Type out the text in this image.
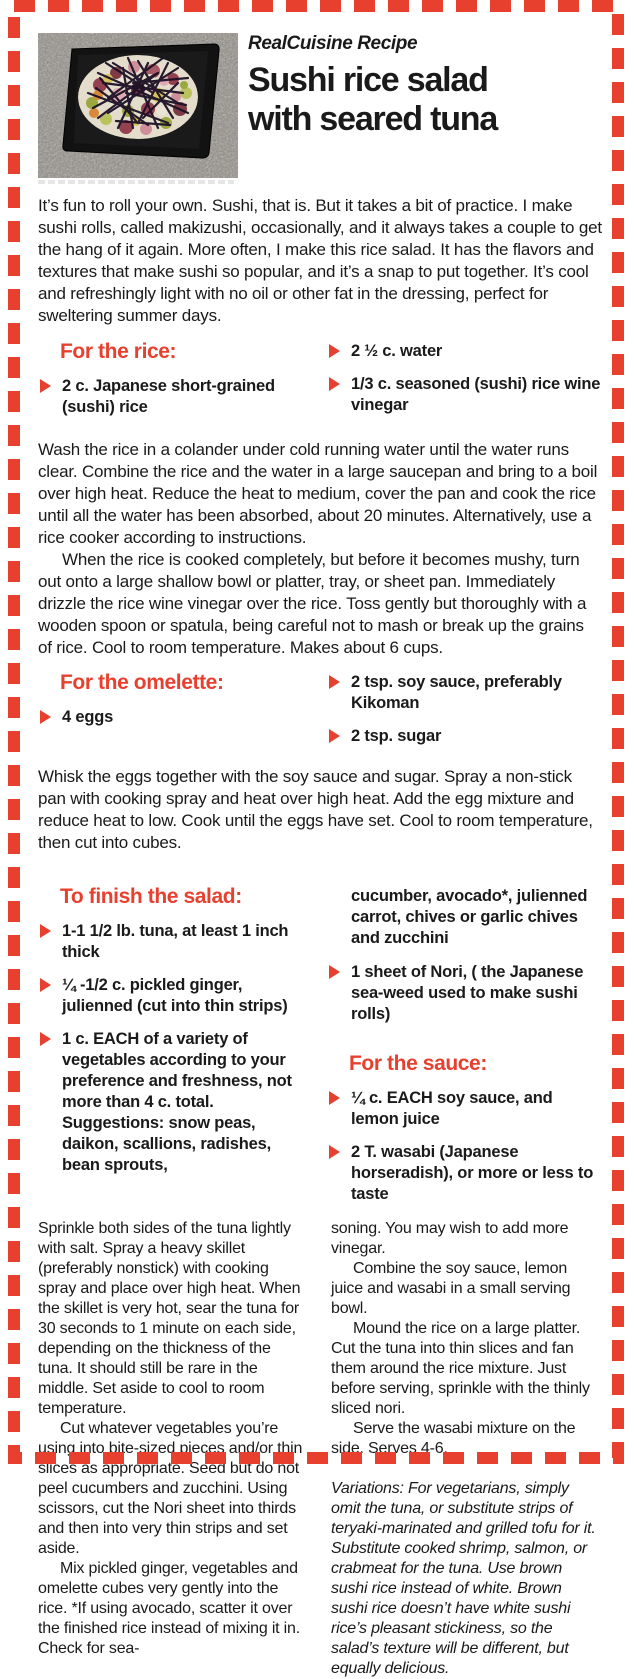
RealCuisine Recipe
Sushi rice salad
with seared tuna

It’s fun to roll your own. Sushi, that is. But it takes a bit of practice. I make sushi rolls, called makizushi, occasionally, and it always takes a couple to get the hang of it again. More often, I make this rice salad. It has the flavors and textures that make sushi so popular, and it’s a snap to put together. It’s cool and refreshingly light with no oil or other fat in the dressing, perfect for sweltering summer days.

For the rice:
2 c. Japanese short-grained (sushi) rice
2 ½ c. water
1/3 c. seasoned (sushi) rice wine vinegar

Wash the rice in a colander under cold running water until the water runs clear. Combine the rice and the water in a large saucepan and bring to a boil over high heat. Reduce the heat to medium, cover the pan and cook the rice until all the water has been absorbed, about 20 minutes. Alternatively, use a rice cooker according to instructions.

When the rice is cooked completely, but before it becomes mushy, turn out onto a large shallow bowl or platter, tray, or sheet pan. Immediately drizzle the rice wine vinegar over the rice. Toss gently but thoroughly with a wooden spoon or spatula, being careful not to mash or break up the grains of rice. Cool to room temperature. Makes about 6 cups.

For the omelette:
4 eggs
2 tsp. soy sauce, preferably Kikoman
2 tsp. sugar

Whisk the eggs together with the soy sauce and sugar. Spray a non-stick pan with cooking spray and heat over high heat. Add the egg mixture and reduce heat to low. Cook until the eggs have set. Cool to room temperature, then cut into cubes.

To finish the salad:
1-1 1/2 lb. tuna, at least 1 inch thick
¼ -1/2 c. pickled ginger, julienned (cut into thin strips)
1 c. EACH of a variety of vegetables according to your preference and freshness, not more than 4 c. total. Suggestions: snow peas, daikon, scallions, radishes, bean sprouts,

cucumber, avocado*, julienned carrot, chives or garlic chives and zucchini

1 sheet of Nori, ( the Japanese sea-weed used to make sushi rolls)
For the sauce:
¼ c. EACH soy sauce, and lemon juice
2 T. wasabi (Japanese horseradish), or more or less to taste

Sprinkle both sides of the tuna lightly with salt. Spray a heavy skillet (preferably nonstick) with cooking spray and place over high heat. When the skillet is very hot, sear the tuna for 30 seconds to 1 minute on each side, depending on the thickness of the tuna. It should still be rare in the middle. Set aside to cool to room temperature.

Cut whatever vegetables you’re using into bite-sized pieces and/or thin slices as appropriate. Seed but do not peel cucumbers and zucchini. Using scissors, cut the Nori sheet into thirds and then into very thin strips and set aside.

Mix pickled ginger, vegetables and omelette cubes very gently into the rice. *If using avocado, scatter it over the finished rice instead of mixing it in. Check for sea-

soning. You may wish to add more vinegar.

Combine the soy sauce, lemon juice and wasabi in a small serving bowl.

Mound the rice on a large platter. Cut the tuna into thin slices and fan them around the rice mixture. Just before serving, sprinkle with the thinly sliced nori.

Serve the wasabi mixture on the side. Serves 4-6.

Variations: For vegetarians, simply omit the tuna, or substitute strips of teryaki-marinated and grilled tofu for it. Substitute cooked shrimp, salmon, or crabmeat for the tuna. Use brown sushi rice instead of white. Brown sushi rice doesn’t have white sushi rice’s pleasant stickiness, so the salad’s texture will be different, but equally delicious.
